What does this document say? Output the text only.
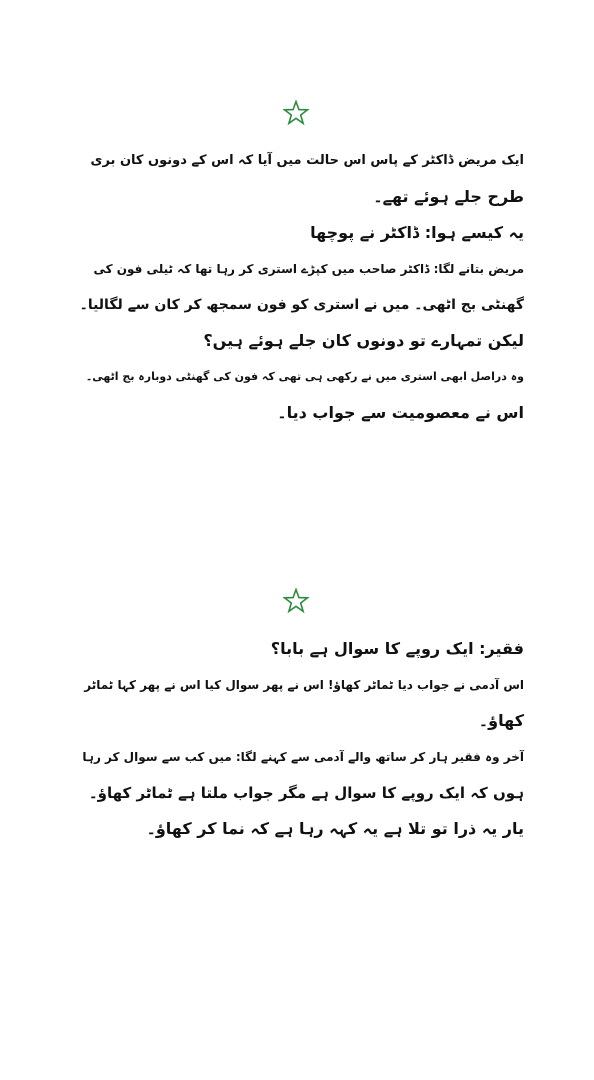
ایک مریض ڈاکٹر کے پاس اس حالت میں آیا کہ اس کے دونوں کان بری
طرح جلے ہوئے تھے۔
یہ کیسے ہوا: ڈاکٹر نے پوچھا
مریض بتانے لگا: ڈاکٹر صاحب میں کپڑے استری کر رہا تھا کہ ٹیلی فون کی
گھنٹی بج اٹھی۔ میں نے استری کو فون سمجھ کر کان سے لگالیا۔
لیکن تمہارے تو دونوں کان جلے ہوئے ہیں؟
وہ دراصل ابھی استری میں نے رکھی ہی تھی کہ فون کی گھنٹی دوبارہ بج اٹھی۔
اس نے معصومیت سے جواب دیا۔
فقیر: ایک روپے کا سوال ہے بابا؟
اس آدمی نے جواب دیا ٹماٹر کھاؤ! اس نے پھر سوال کیا اس نے پھر کہا ٹماٹر
کھاؤ۔
آخر وہ فقیر ہار کر ساتھ والے آدمی سے کہنے لگا: میں کب سے سوال کر رہا
ہوں کہ ایک روپے کا سوال ہے مگر جواب ملتا ہے ٹماٹر کھاؤ۔
یار یہ ذرا تو تلا ہے یہ کہہ رہا ہے کہ نما کر کھاؤ۔
